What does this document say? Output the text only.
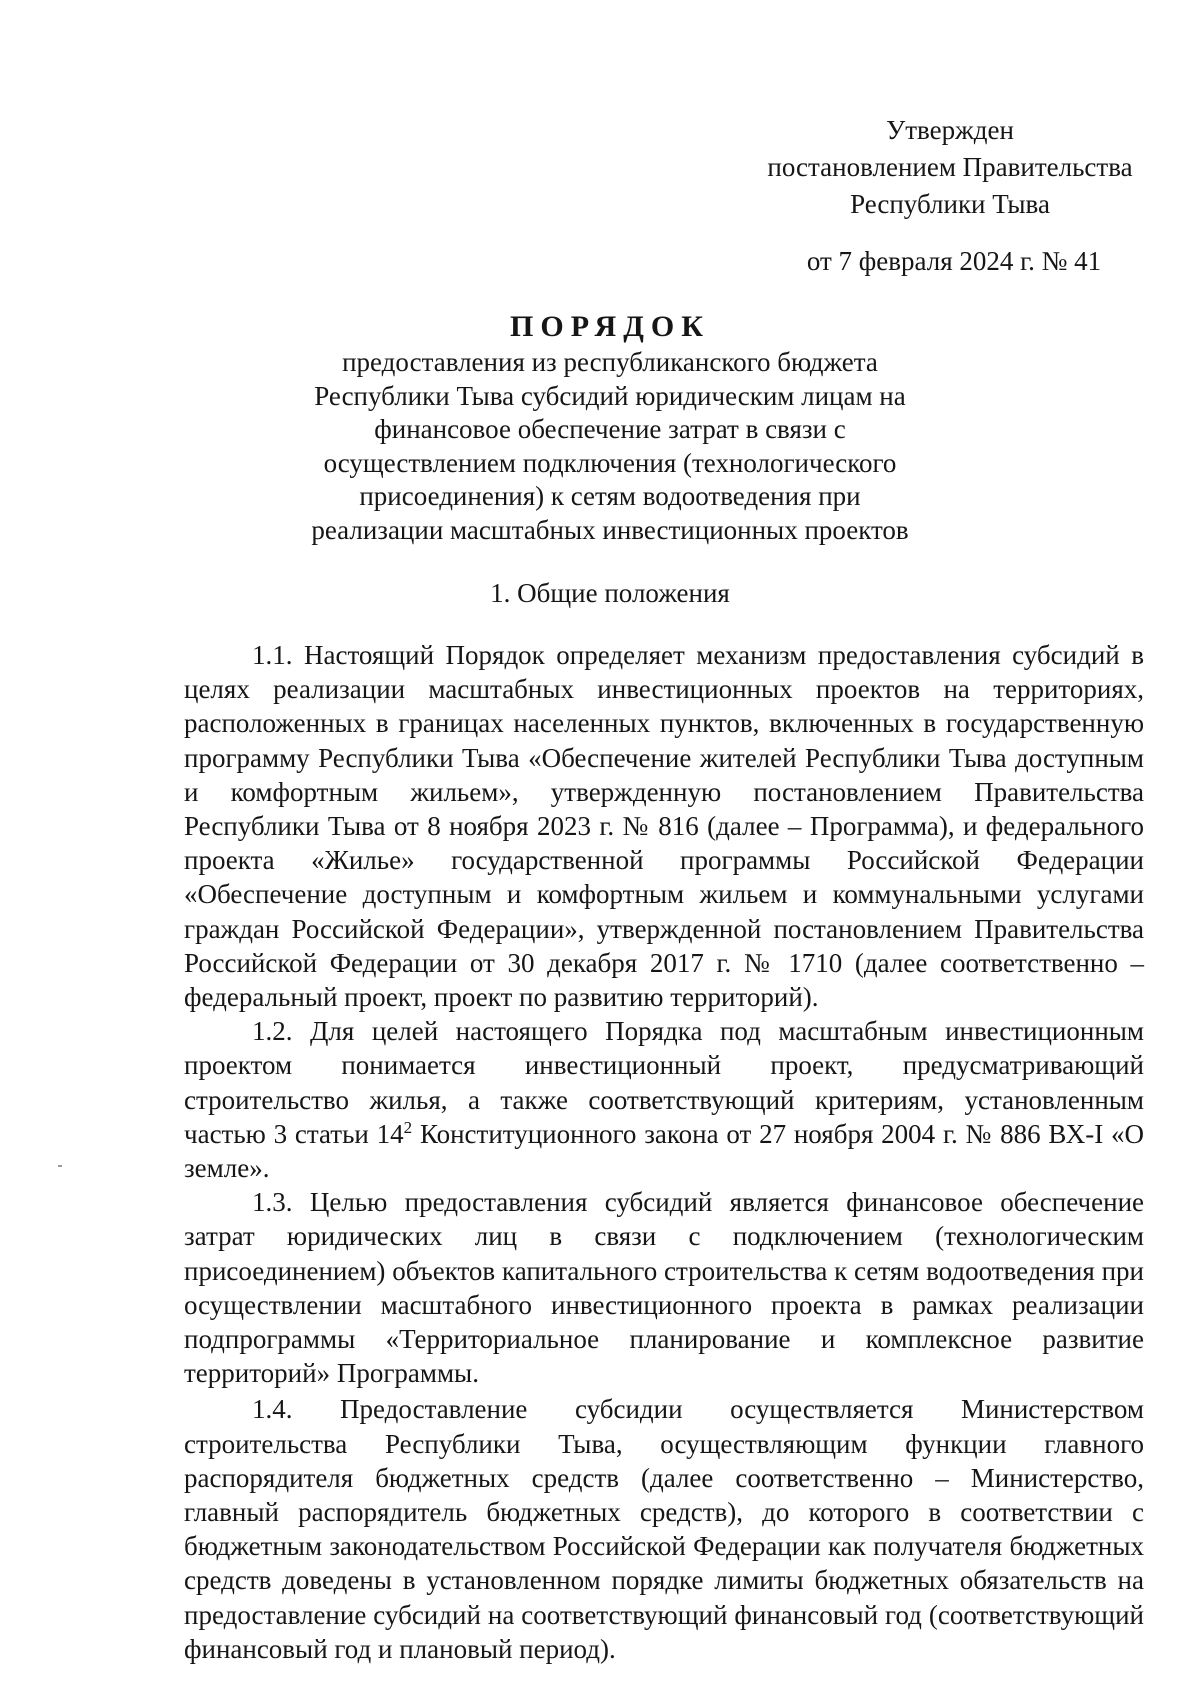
Утвержден
постановлением Правительства
Республики Тыва
от 7 февраля 2024 г. № 41
ПОРЯДОК
предоставления из республиканского бюджета Республики Тыва субсидий юридическим лицам на финансовое обеспечение затрат в связи с осуществлением подключения (технологического присоединения) к сетям водоотведения при реализации масштабных инвестиционных проектов
1. Общие положения

1.1. Настоящий Порядок определяет механизм предоставления субсидий в целях реализации масштабных инвестиционных проектов на территориях, расположенных в границах населенных пунктов, включенных в государственную программу Республики Тыва «Обеспечение жителей Республики Тыва доступным и комфортным жильем», утвержденную постановлением Правительства Республики Тыва от 8 ноября 2023 г. № 816 (далее – Программа), и федерального проекта «Жилье» государственной программы Российской Федерации «Обеспечение доступным и комфортным жильем и коммунальными услугами граждан Российской Федерации», утвержденной постановлением Правительства Российской Федерации от 30 декабря 2017 г. № 1710 (далее соответственно – федеральный проект, проект по развитию территорий).

1.2. Для целей настоящего Порядка под масштабным инвестиционным проектом понимается инвестиционный проект, предусматривающий строительство жилья, а также соответствующий критериям, установленным частью 3 статьи $14^2$ Конституционного закона от 27 ноября 2004 г. № 886 ВХ-I «О земле».

1.3. Целью предоставления субсидий является финансовое обеспечение затрат юридических лиц в связи с подключением (технологическим присоединением) объектов капитального строительства к сетям водоотведения при осуществлении масштабного инвестиционного проекта в рамках реализации подпрограммы «Территориальное планирование и комплексное развитие территорий» Программы.

1.4. Предоставление субсидии осуществляется Министерством строительства Республики Тыва, осуществляющим функции главного распорядителя бюджетных средств (далее соответственно – Министерство, главный распорядитель бюджетных средств), до которого в соответствии с бюджетным законодательством Российской Федерации как получателя бюджетных средств доведены в установленном порядке лимиты бюджетных обязательств на предоставление субсидий на соответствующий финансовый год (соответствующий финансовый год и плановый период).
